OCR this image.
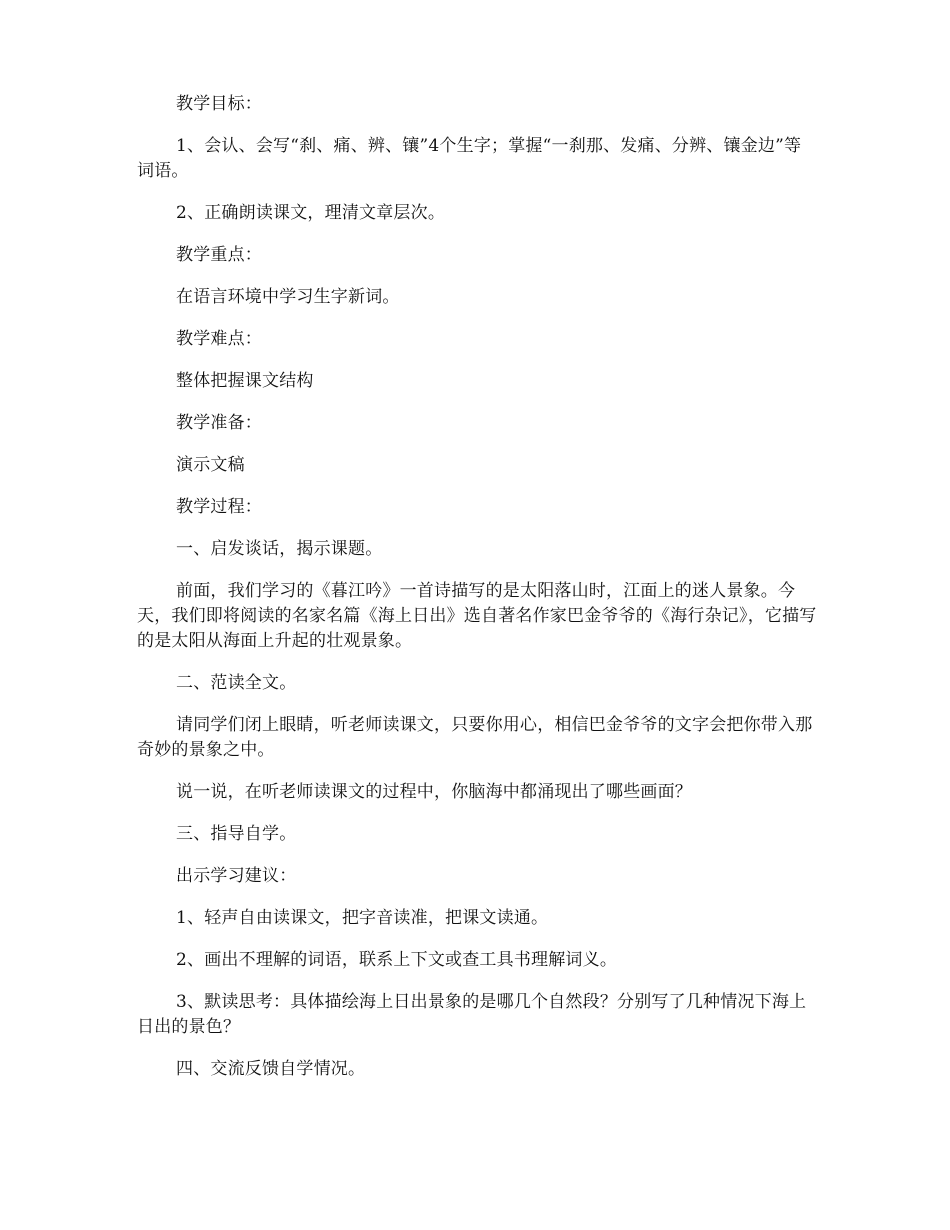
教学目标：

1、会认、会写“刹、痛、辨、镶”4个生字；掌握“一刹那、发痛、分辨、镶金边”等词语。

2、正确朗读课文，理清文章层次。

教学重点：

在语言环境中学习生字新词。

教学难点：

整体把握课文结构

教学准备：

演示文稿

教学过程：

一、启发谈话，揭示课题。

前面，我们学习的《暮江吟》一首诗描写的是太阳落山时，江面上的迷人景象。今天，我们即将阅读的名家名篇《海上日出》选自著名作家巴金爷爷的《海行杂记》，它描写的是太阳从海面上升起的壮观景象。

二、范读全文。

请同学们闭上眼睛，听老师读课文，只要你用心，相信巴金爷爷的文字会把你带入那奇妙的景象之中。

说一说，在听老师读课文的过程中，你脑海中都涌现出了哪些画面？

三、指导自学。

出示学习建议：

1、轻声自由读课文，把字音读准，把课文读通。

2、画出不理解的词语，联系上下文或查工具书理解词义。

3、默读思考：具体描绘海上日出景象的是哪几个自然段？分别写了几种情况下海上日出的景色？

四、交流反馈自学情况。
